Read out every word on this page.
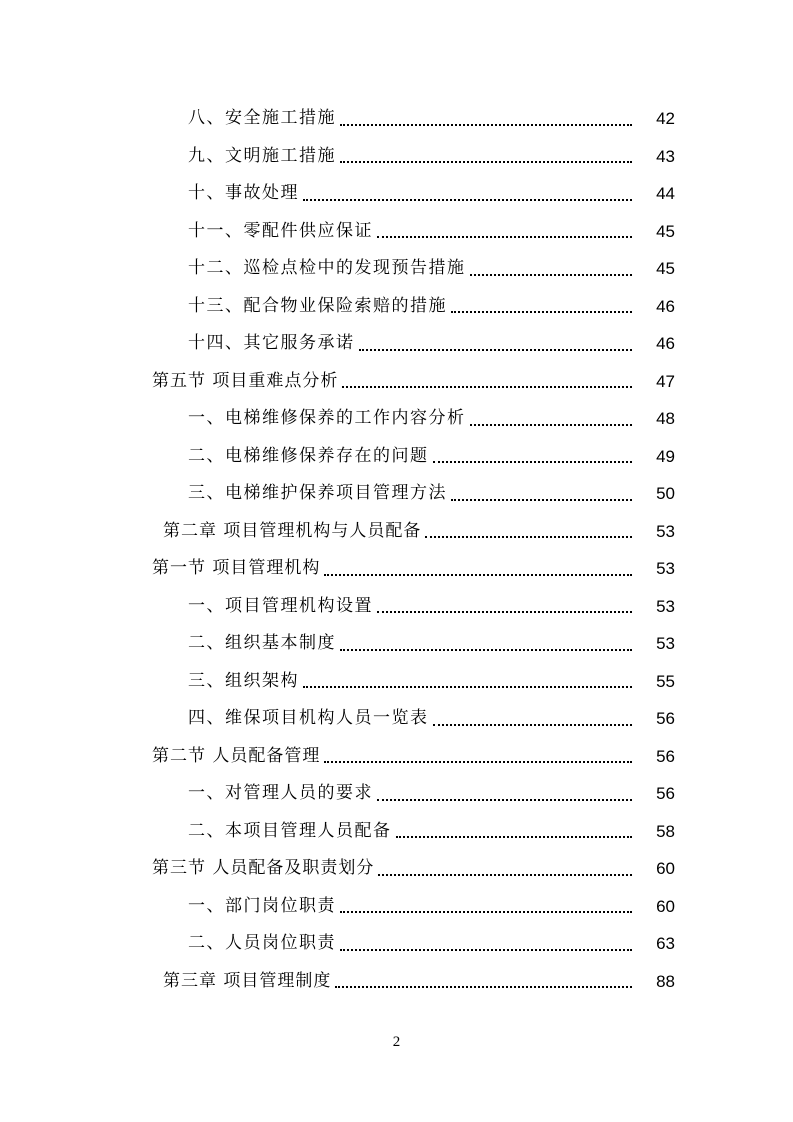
八、安全施工措施	42
九、文明施工措施	43
十、事故处理	44
十一、零配件供应保证	45
十二、巡检点检中的发现预告措施	45
十三、配合物业保险索赔的措施	46
十四、其它服务承诺	46
第五节 项目重难点分析	47
一、电梯维修保养的工作内容分析	48
二、电梯维修保养存在的问题	49
三、电梯维护保养项目管理方法	50
第二章 项目管理机构与人员配备	53
第一节 项目管理机构	53
一、项目管理机构设置	53
二、组织基本制度	53
三、组织架构	55
四、维保项目机构人员一览表	56
第二节 人员配备管理	56
一、对管理人员的要求	56
二、本项目管理人员配备	58
第三节 人员配备及职责划分	60
一、部门岗位职责	60
二、人员岗位职责	63
第三章 项目管理制度	88
2
